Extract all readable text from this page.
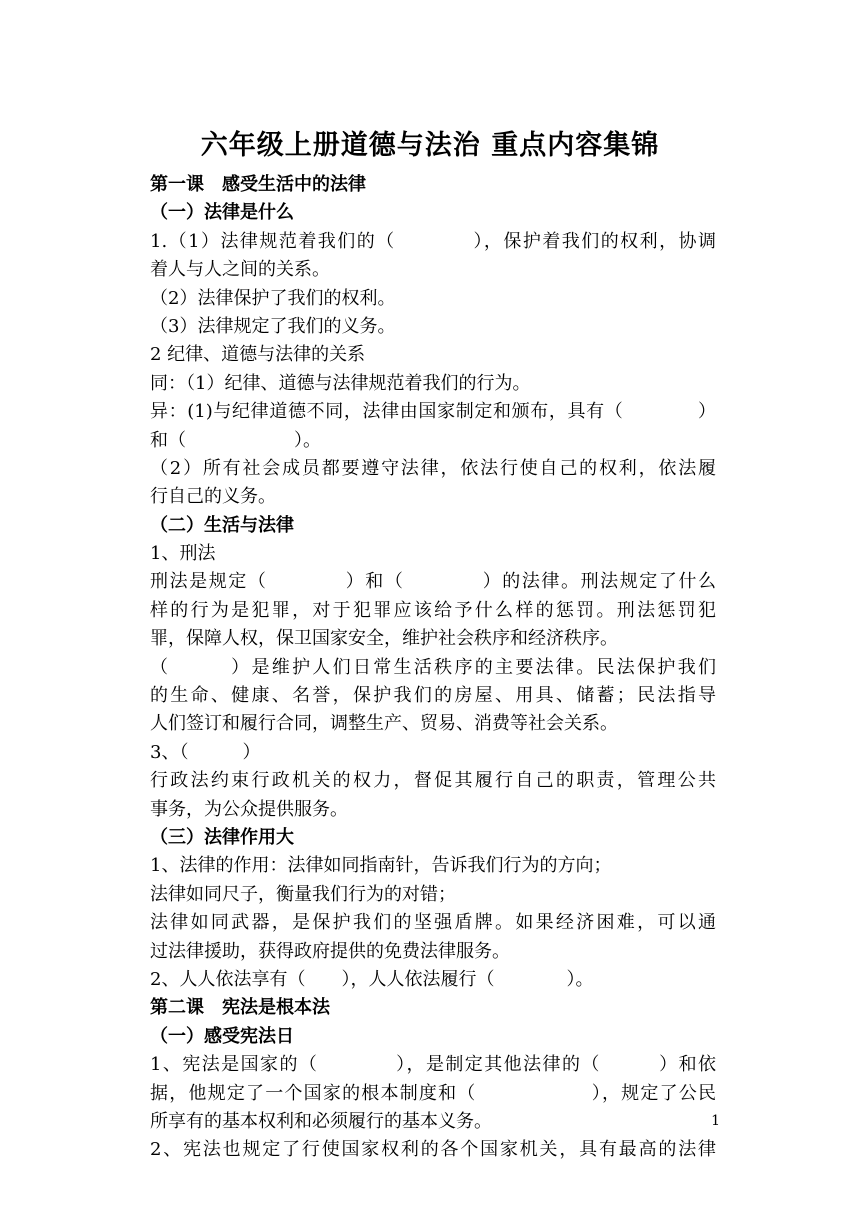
六年级上册道德与法治 重点内容集锦
第一课　感受生活中的法律
（一）法律是什么
1.（1）法律规范着我们的（　　　　），保护着我们的权利，协调
着人与人之间的关系。
（2）法律保护了我们的权利。
（3）法律规定了我们的义务。
2 纪律、道德与法律的关系
同：（1）纪律、道德与法律规范着我们的行为。
异：(1)与纪律道德不同，法律由国家制定和颁布，具有（　　　　）
和（　　　　　　）。
（2）所有社会成员都要遵守法律，依法行使自己的权利，依法履
行自己的义务。
（二）生活与法律
1、刑法
刑法是规定（　　　　）和（　　　　）的法律。刑法规定了什么
样的行为是犯罪，对于犯罪应该给予什么样的惩罚。刑法惩罚犯
罪，保障人权，保卫国家安全，维护社会秩序和经济秩序。
（　　　）是维护人们日常生活秩序的主要法律。民法保护我们
的生命、健康、名誉，保护我们的房屋、用具、储蓄；民法指导
人们签订和履行合同，调整生产、贸易、消费等社会关系。
3、（　　　）
行政法约束行政机关的权力，督促其履行自己的职责，管理公共
事务，为公众提供服务。
（三）法律作用大
1、法律的作用：法律如同指南针，告诉我们行为的方向；
法律如同尺子，衡量我们行为的对错；
法律如同武器，是保护我们的坚强盾牌。如果经济困难，可以通
过法律援助，获得政府提供的免费法律服务。
2、人人依法享有（　　），人人依法履行（　　　　）。
第二课　宪法是根本法
（一）感受宪法日
1、宪法是国家的（　　　　），是制定其他法律的（　　　）和依
据，他规定了一个国家的根本制度和（　　　　　　），规定了公民
所享有的基本权利和必须履行的基本义务。
2、宪法也规定了行使国家权利的各个国家机关，具有最高的法律
1
